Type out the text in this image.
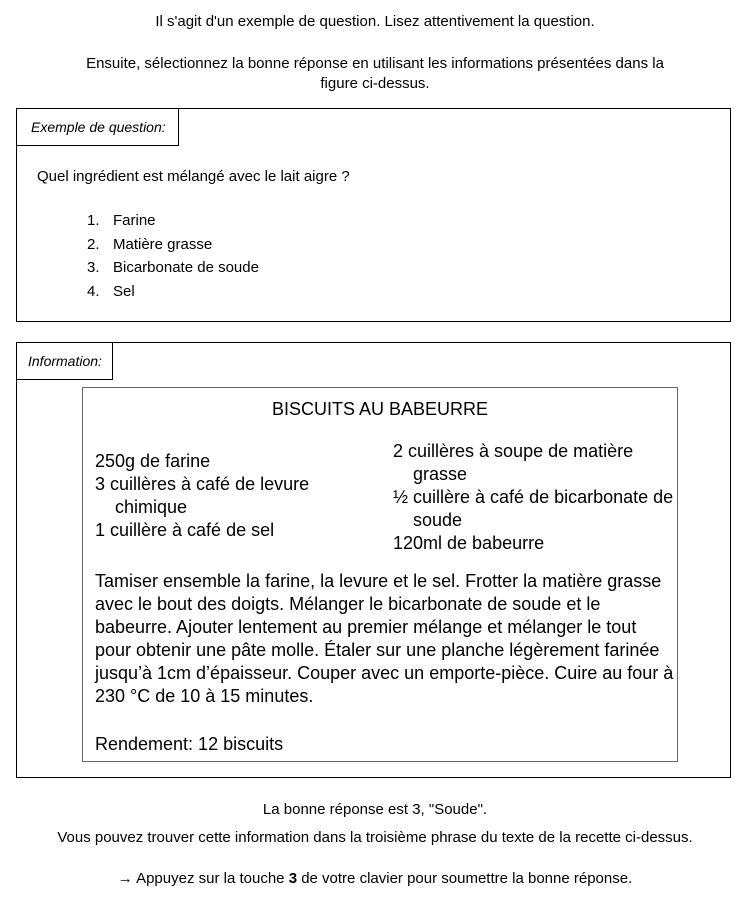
Il s'agit d'un exemple de question. Lisez attentivement la question.
Ensuite, sélectionnez la bonne réponse en utilisant les informations présentées dans la
figure ci-dessus.
Exemple de question:
Quel ingrédient est mélangé avec le lait aigre ?
1. Farine
2. Matière grasse
3. Bicarbonate de soude
4. Sel
Information:
BISCUITS AU BABEURRE
250g de farine
3 cuillères à café de levure chimique
1 cuillère à café de sel
2 cuillères à soupe de matière grasse
½ cuillère à café de bicarbonate de soude
120ml de babeurre
Tamiser ensemble la farine, la levure et le sel. Frotter la matière grasse avec le bout des doigts. Mélanger le bicarbonate de soude et le babeurre. Ajouter lentement au premier mélange et mélanger le tout pour obtenir une pâte molle. Étaler sur une planche légèrement farinée jusqu’à 1cm d’épaisseur. Couper avec un emporte-pièce. Cuire au four à 230 °C de 10 à 15 minutes.
Rendement: 12 biscuits
La bonne réponse est 3, "Soude".
Vous pouvez trouver cette information dans la troisième phrase du texte de la recette ci-dessus.
→ Appuyez sur la touche 3 de votre clavier pour soumettre la bonne réponse.
